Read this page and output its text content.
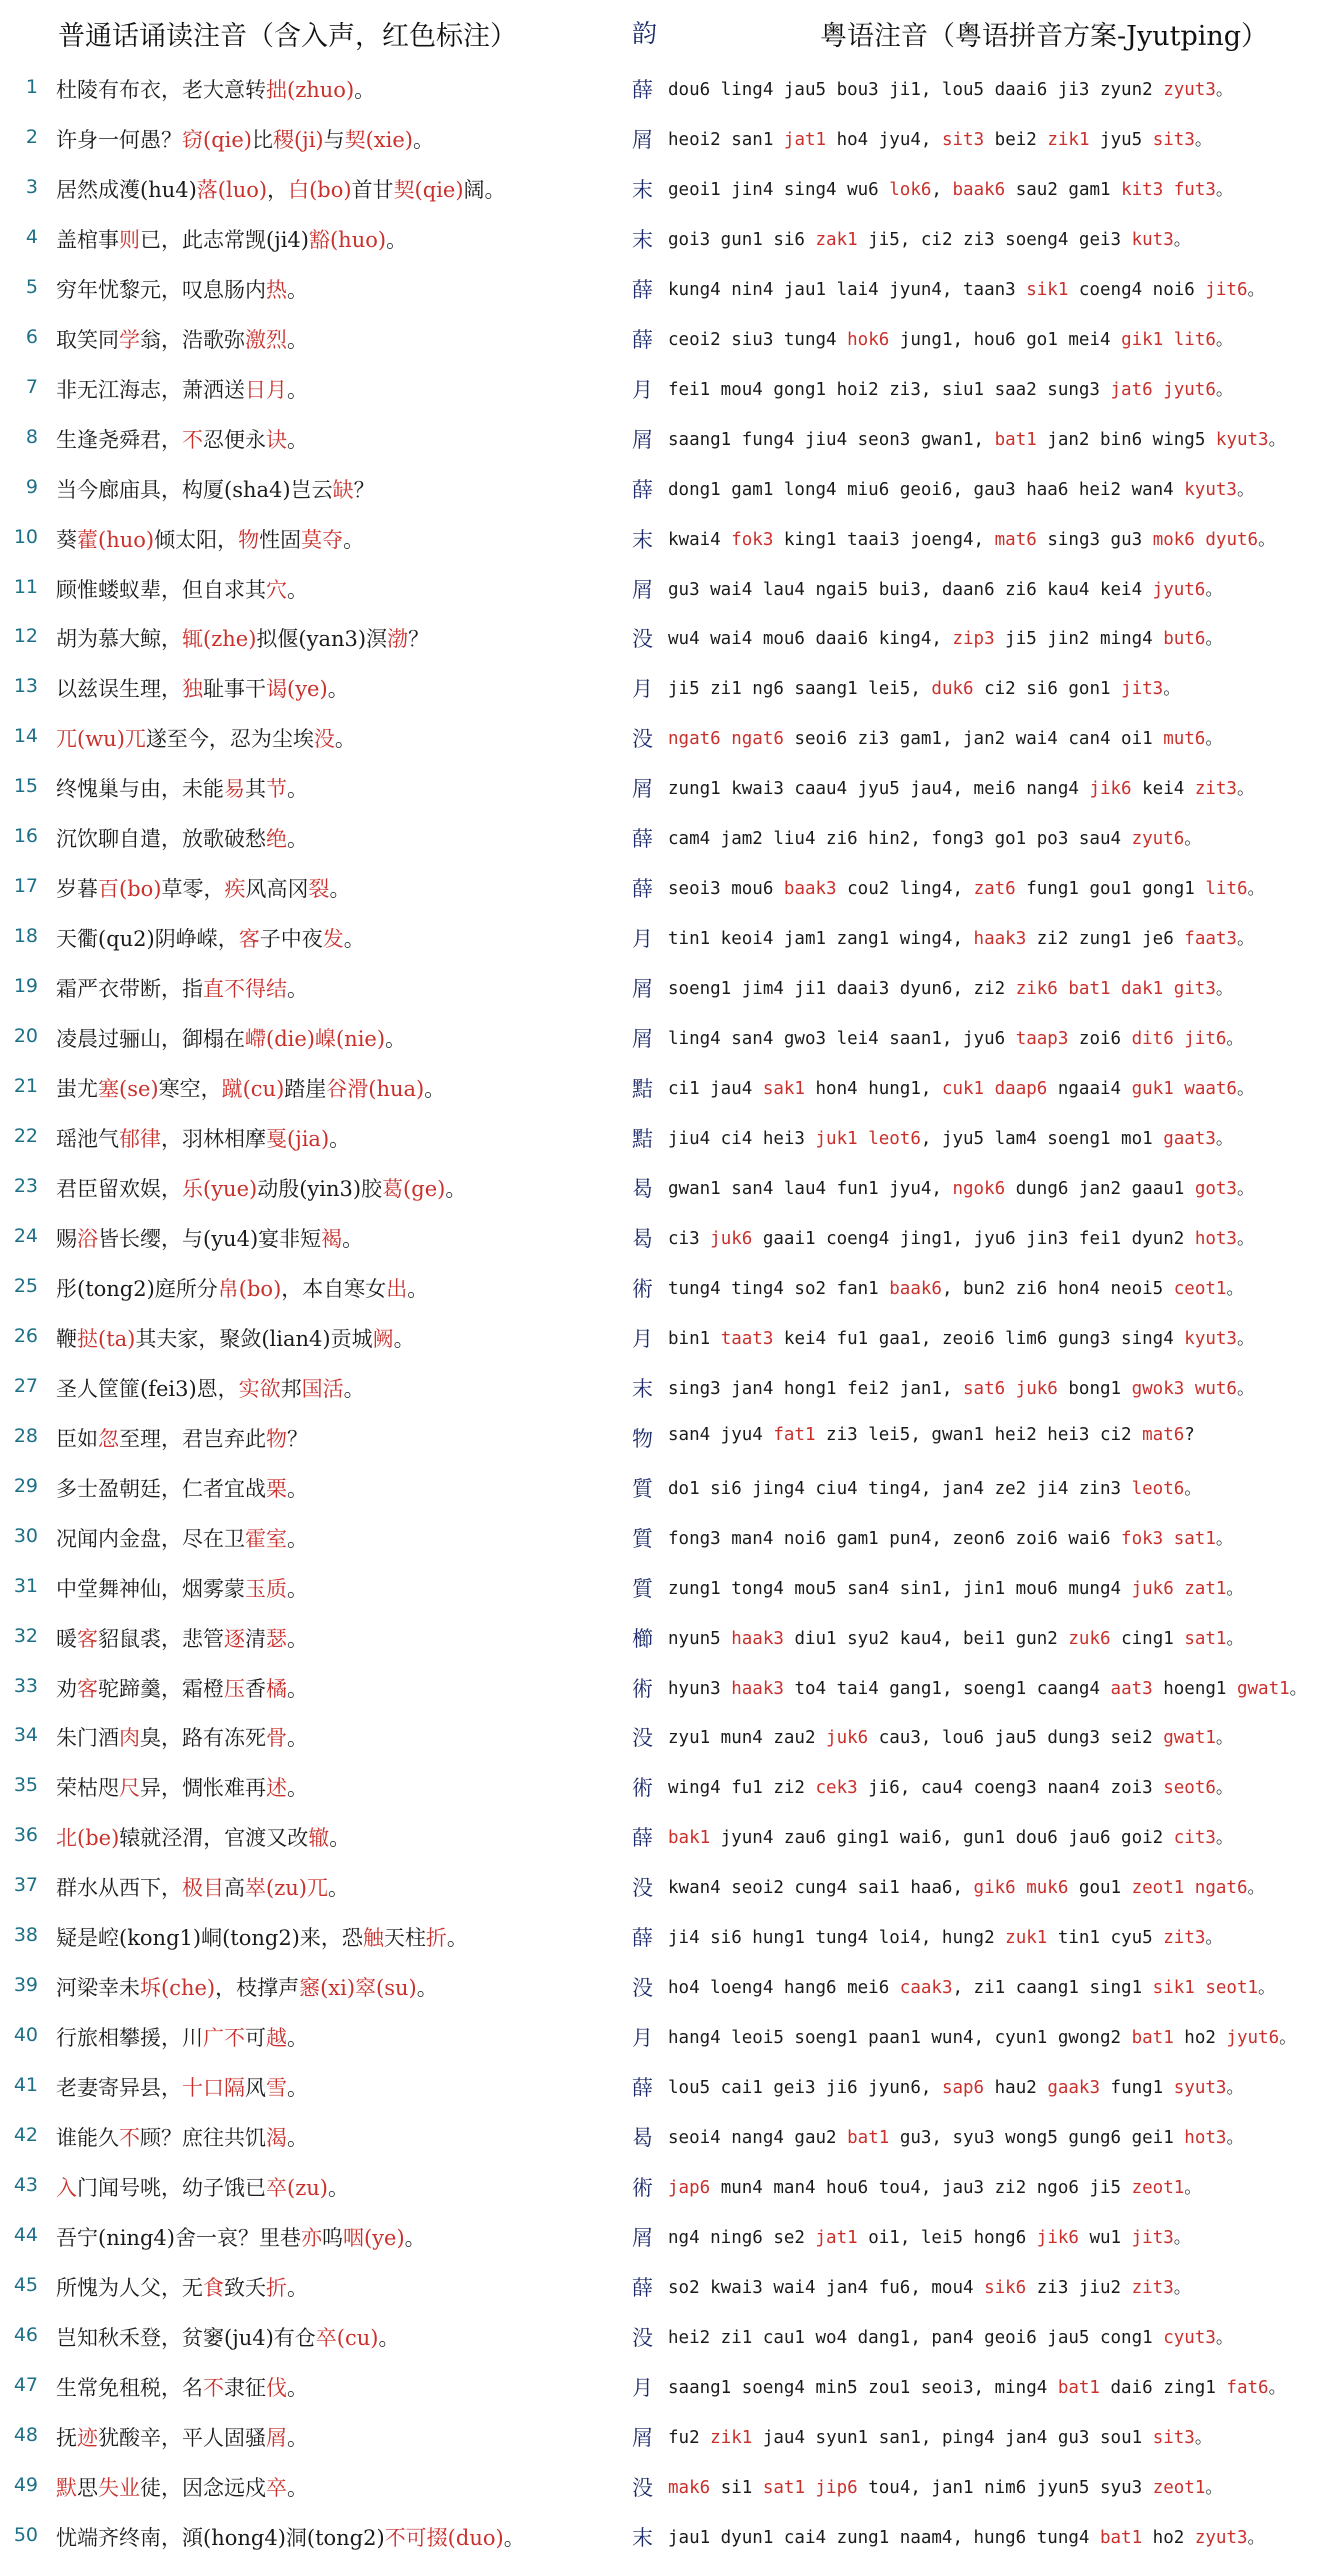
普通话诵读注音（含入声，红色标注）	韵	粤语注音（粤语拼音方案-Jyutping）
1 杜陵有布衣，老大意转拙(zhuo)。	薛 dou6 ling4 jau5 bou3 ji1, lou5 daai6 ji3 zyun2 zyut3。
2 许身一何愚？窃(qie)比稷(ji)与契(xie)。	屑 heoi2 san1 jat1 ho4 jyu4, sit3 bei2 zik1 jyu5 sit3。
3 居然成濩(hu4)落(luo)，白(bo)首甘契(qie)阔。	末 geoi1 jin4 sing4 wu6 lok6, baak6 sau2 gam1 kit3 fut3。
4 盖棺事则已，此志常觊(ji4)豁(huo)。	末 goi3 gun1 si6 zak1 ji5, ci2 zi3 soeng4 gei3 kut3。
5 穷年忧黎元，叹息肠内热。	薛 kung4 nin4 jau1 lai4 jyun4, taan3 sik1 coeng4 noi6 jit6。
6 取笑同学翁，浩歌弥激烈。	薛 ceoi2 siu3 tung4 hok6 jung1, hou6 go1 mei4 gik1 lit6。
7 非无江海志，萧洒送日月。	月 fei1 mou4 gong1 hoi2 zi3, siu1 saa2 sung3 jat6 jyut6。
8 生逢尧舜君，不忍便永诀。	屑 saang1 fung4 jiu4 seon3 gwan1, bat1 jan2 bin6 wing5 kyut3。
9 当今廊庙具，构厦(sha4)岂云缺？	薛 dong1 gam1 long4 miu6 geoi6, gau3 haa6 hei2 wan4 kyut3。
10 葵藿(huo)倾太阳，物性固莫夺。	末 kwai4 fok3 king1 taai3 joeng4, mat6 sing3 gu3 mok6 dyut6。
11 顾惟蝼蚁辈，但自求其穴。	屑 gu3 wai4 lau4 ngai5 bui3, daan6 zi6 kau4 kei4 jyut6。
12 胡为慕大鲸，辄(zhe)拟偃(yan3)溟渤？	没 wu4 wai4 mou6 daai6 king4, zip3 ji5 jin2 ming4 but6。
13 以兹误生理，独耻事干谒(ye)。	月 ji5 zi1 ng6 saang1 lei5, duk6 ci2 si6 gon1 jit3。
14 兀(wu)兀遂至今，忍为尘埃没。	没 ngat6 ngat6 seoi6 zi3 gam1, jan2 wai4 can4 oi1 mut6。
15 终愧巢与由，未能易其节。	屑 zung1 kwai3 caau4 jyu5 jau4, mei6 nang4 jik6 kei4 zit3。
16 沉饮聊自遣，放歌破愁绝。	薛 cam4 jam2 liu4 zi6 hin2, fong3 go1 po3 sau4 zyut6。
17 岁暮百(bo)草零，疾风高冈裂。	薛 seoi3 mou6 baak3 cou2 ling4, zat6 fung1 gou1 gong1 lit6。
18 天衢(qu2)阴峥嵘，客子中夜发。	月 tin1 keoi4 jam1 zang1 wing4, haak3 zi2 zung1 je6 faat3。
19 霜严衣带断，指直不得结。	屑 soeng1 jim4 ji1 daai3 dyun6, zi2 zik6 bat1 dak1 git3。
20 凌晨过骊山，御榻在嵽(die)嵲(nie)。	屑 ling4 san4 gwo3 lei4 saan1, jyu6 taap3 zoi6 dit6 jit6。
21 蚩尤塞(se)寒空，蹴(cu)踏崖谷滑(hua)。	黠 ci1 jau4 sak1 hon4 hung1, cuk1 daap6 ngaai4 guk1 waat6。
22 瑶池气郁律，羽林相摩戛(jia)。	黠 jiu4 ci4 hei3 juk1 leot6, jyu5 lam4 soeng1 mo1 gaat3。
23 君臣留欢娱，乐(yue)动殷(yin3)胶葛(ge)。	曷 gwan1 san4 lau4 fun1 jyu4, ngok6 dung6 jan2 gaau1 got3。
24 赐浴皆长缨，与(yu4)宴非短褐。	曷 ci3 juk6 gaai1 coeng4 jing1, jyu6 jin3 fei1 dyun2 hot3。
25 彤(tong2)庭所分帛(bo)，本自寒女出。	術 tung4 ting4 so2 fan1 baak6, bun2 zi6 hon4 neoi5 ceot1。
26 鞭挞(ta)其夫家，聚敛(lian4)贡城阙。	月 bin1 taat3 kei4 fu1 gaa1, zeoi6 lim6 gung3 sing4 kyut3。
27 圣人筐篚(fei3)恩，实欲邦国活。	末 sing3 jan4 hong1 fei2 jan1, sat6 juk6 bong1 gwok3 wut6。
28 臣如忽至理，君岂弃此物？	物 san4 jyu4 fat1 zi3 lei5, gwan1 hei2 hei3 ci2 mat6?
29 多士盈朝廷，仁者宜战栗。	質 do1 si6 jing4 ciu4 ting4, jan4 ze2 ji4 zin3 leot6。
30 况闻内金盘，尽在卫霍室。	質 fong3 man4 noi6 gam1 pun4, zeon6 zoi6 wai6 fok3 sat1。
31 中堂舞神仙，烟雾蒙玉质。	質 zung1 tong4 mou5 san4 sin1, jin1 mou6 mung4 juk6 zat1。
32 暖客貂鼠裘，悲管逐清瑟。	櫛 nyun5 haak3 diu1 syu2 kau4, bei1 gun2 zuk6 cing1 sat1。
33 劝客驼蹄羹，霜橙压香橘。	術 hyun3 haak3 to4 tai4 gang1, soeng1 caang4 aat3 hoeng1 gwat1。
34 朱门酒肉臭，路有冻死骨。	没 zyu1 mun4 zau2 juk6 cau3, lou6 jau5 dung3 sei2 gwat1。
35 荣枯咫尺异，惆怅难再述。	術 wing4 fu1 zi2 cek3 ji6, cau4 coeng3 naan4 zoi3 seot6。
36 北(be)辕就泾渭，官渡又改辙。	薛 bak1 jyun4 zau6 ging1 wai6, gun1 dou6 jau6 goi2 cit3。
37 群水从西下，极目高崒(zu)兀。	没 kwan4 seoi2 cung4 sai1 haa6, gik6 muk6 gou1 zeot1 ngat6。
38 疑是崆(kong1)峒(tong2)来，恐触天柱折。	薛 ji4 si6 hung1 tung4 loi4, hung2 zuk1 tin1 cyu5 zit3。
39 河梁幸未坼(che)，枝撑声窸(xi)窣(su)。	没 ho4 loeng4 hang6 mei6 caak3, zi1 caang1 sing1 sik1 seot1。
40 行旅相攀援，川广不可越。	月 hang4 leoi5 soeng1 paan1 wun4, cyun1 gwong2 bat1 ho2 jyut6。
41 老妻寄异县，十口隔风雪。	薛 lou5 cai1 gei3 ji6 jyun6, sap6 hau2 gaak3 fung1 syut3。
42 谁能久不顾？庶往共饥渴。	曷 seoi4 nang4 gau2 bat1 gu3, syu3 wong5 gung6 gei1 hot3。
43 入门闻号咷，幼子饿已卒(zu)。	術 jap6 mun4 man4 hou6 tou4, jau3 zi2 ngo6 ji5 zeot1。
44 吾宁(ning4)舍一哀？里巷亦呜咽(ye)。	屑 ng4 ning6 se2 jat1 oi1, lei5 hong6 jik6 wu1 jit3。
45 所愧为人父，无食致夭折。	薛 so2 kwai3 wai4 jan4 fu6, mou4 sik6 zi3 jiu2 zit3。
46 岂知秋禾登，贫窭(ju4)有仓卒(cu)。	没 hei2 zi1 cau1 wo4 dang1, pan4 geoi6 jau5 cong1 cyut3。
47 生常免租税，名不隶征伐。	月 saang1 soeng4 min5 zou1 seoi3, ming4 bat1 dai6 zing1 fat6。
48 抚迹犹酸辛，平人固骚屑。	屑 fu2 zik1 jau4 syun1 san1, ping4 jan4 gu3 sou1 sit3。
49 默思失业徒，因念远戍卒。	没 mak6 si1 sat1 jip6 tou4, jan1 nim6 jyun5 syu3 zeot1。
50 忧端齐终南，澒(hong4)洞(tong2)不可掇(duo)。	末 jau1 dyun1 cai4 zung1 naam4, hung6 tung4 bat1 ho2 zyut3。
